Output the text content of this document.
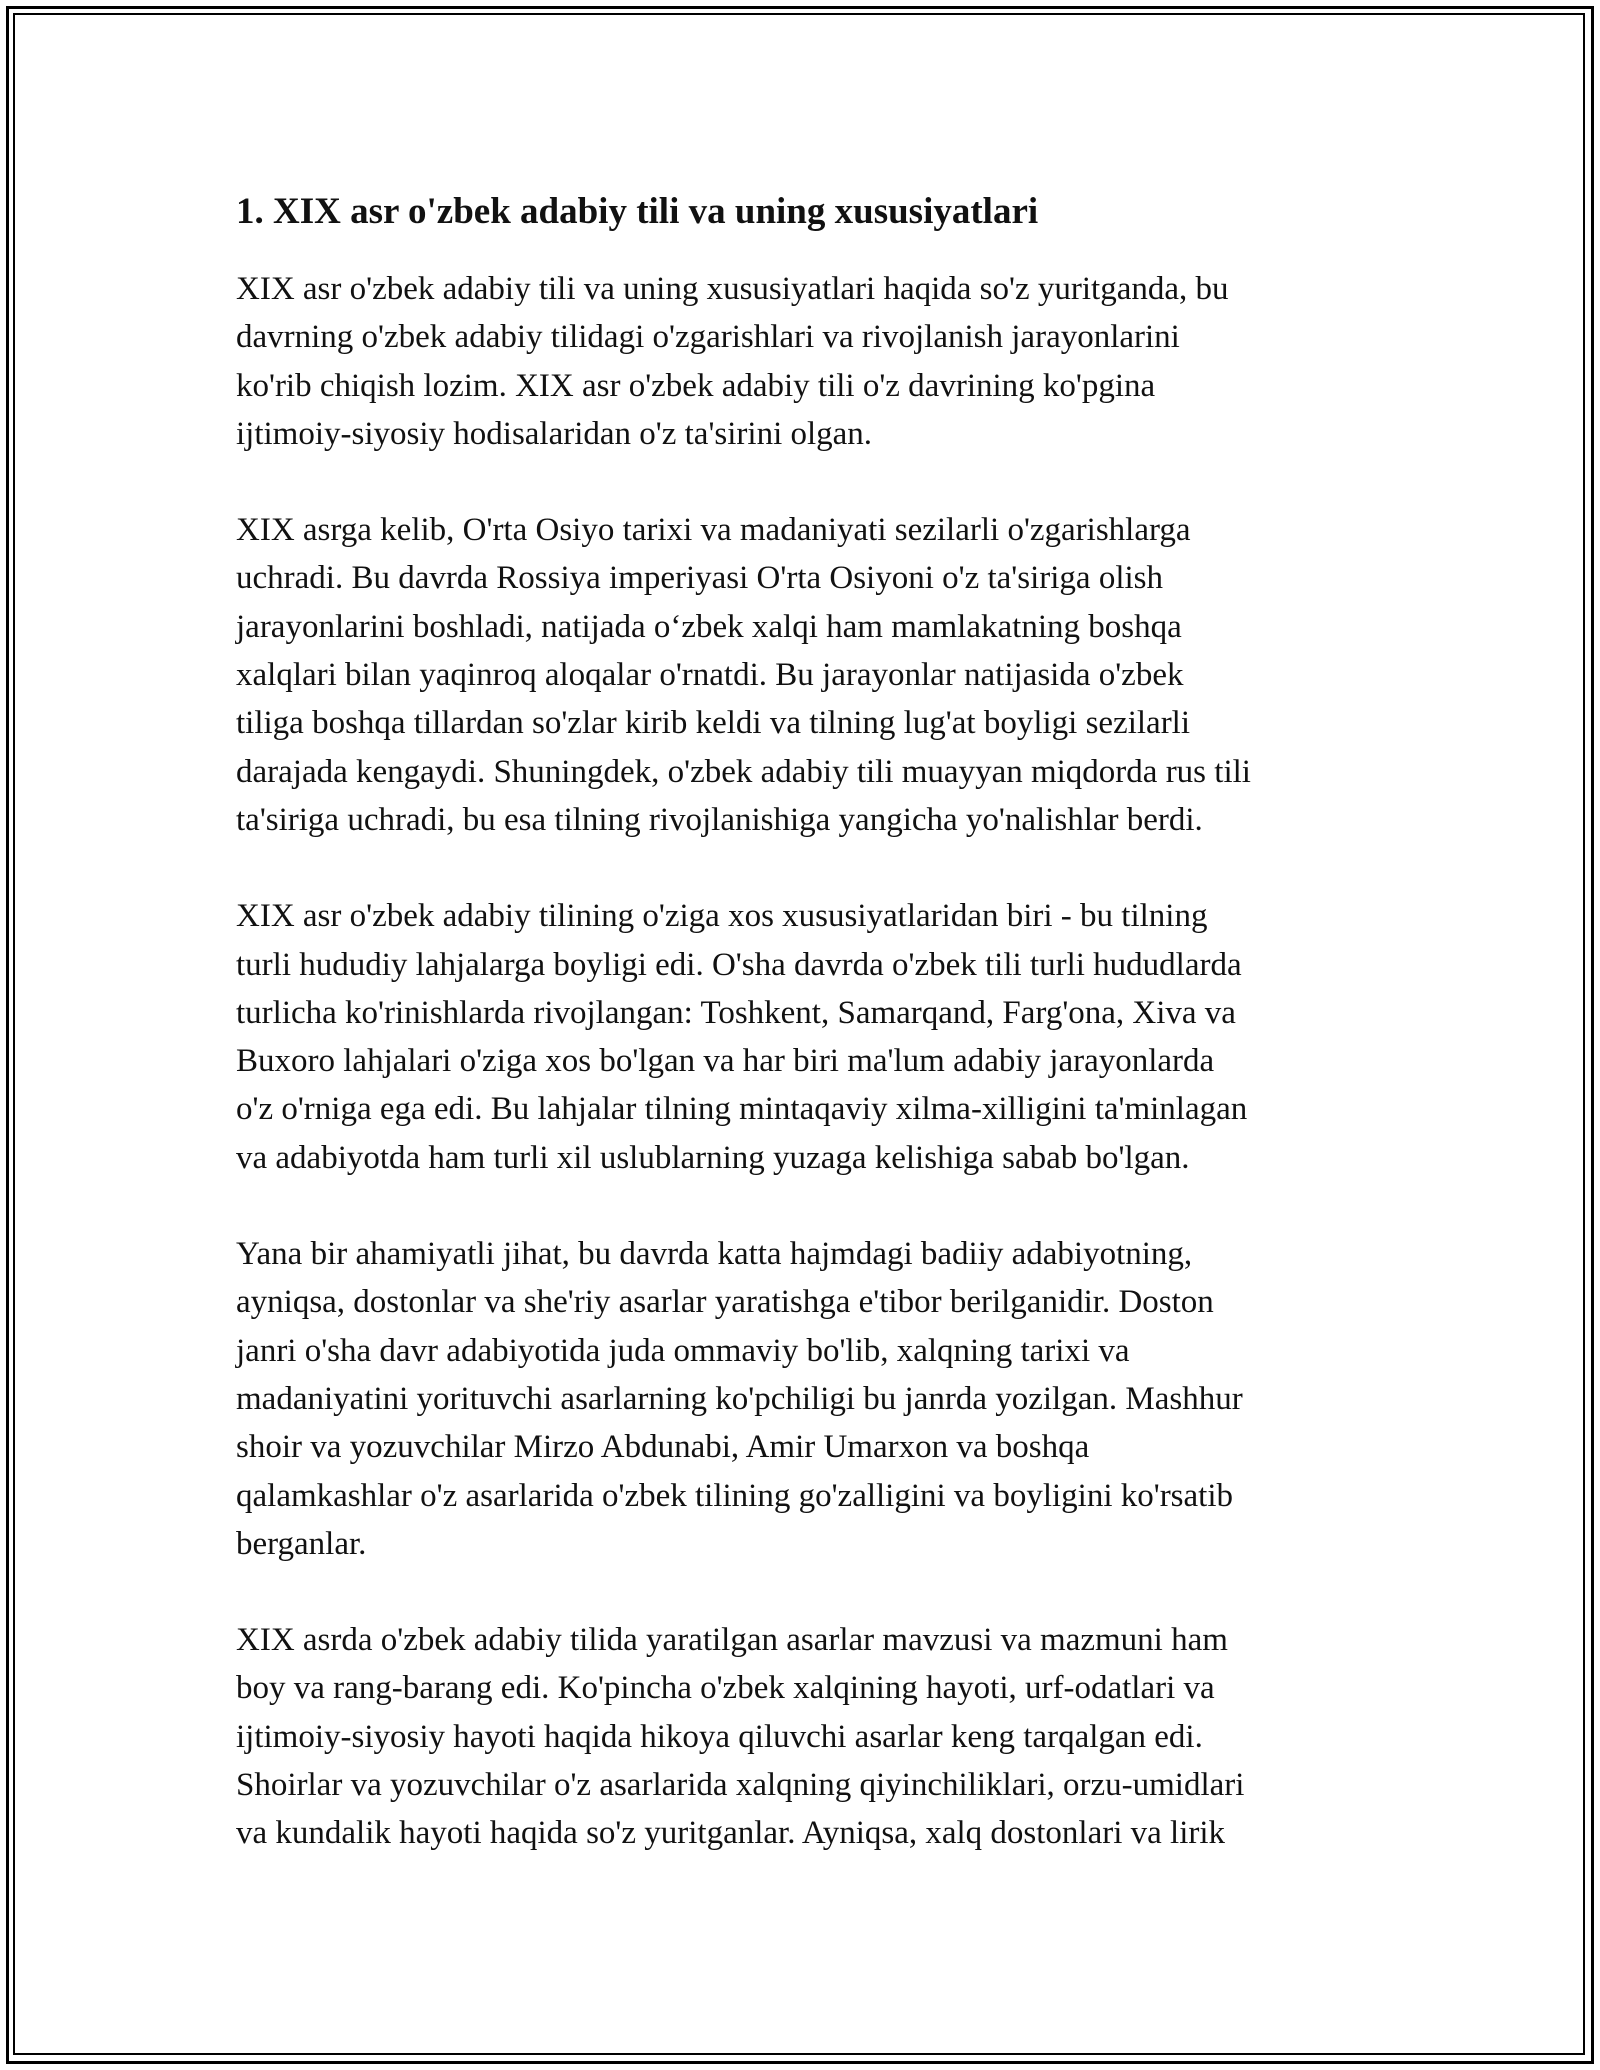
1. XIX asr o'zbek adabiy tili va uning xususiyatlari

XIX asr o'zbek adabiy tili va uning xususiyatlari haqida so'z yuritganda, bu
davrning o'zbek adabiy tilidagi o'zgarishlari va rivojlanish jarayonlarini
ko'rib chiqish lozim. XIX asr o'zbek adabiy tili o'z davrining ko'pgina
ijtimoiy-siyosiy hodisalaridan o'z ta'sirini olgan.

XIX asrga kelib, O'rta Osiyo tarixi va madaniyati sezilarli o'zgarishlarga
uchradi. Bu davrda Rossiya imperiyasi O'rta Osiyoni o'z ta'siriga olish
jarayonlarini boshladi, natijada o‘zbek xalqi ham mamlakatning boshqa
xalqlari bilan yaqinroq aloqalar o'rnatdi. Bu jarayonlar natijasida o'zbek
tiliga boshqa tillardan so'zlar kirib keldi va tilning lug'at boyligi sezilarli
darajada kengaydi. Shuningdek, o'zbek adabiy tili muayyan miqdorda rus tili
ta'siriga uchradi, bu esa tilning rivojlanishiga yangicha yo'nalishlar berdi.

XIX asr o'zbek adabiy tilining o'ziga xos xususiyatlaridan biri - bu tilning
turli hududiy lahjalarga boyligi edi. O'sha davrda o'zbek tili turli hududlarda
turlicha ko'rinishlarda rivojlangan: Toshkent, Samarqand, Farg'ona, Xiva va
Buxoro lahjalari o'ziga xos bo'lgan va har biri ma'lum adabiy jarayonlarda
o'z o'rniga ega edi. Bu lahjalar tilning mintaqaviy xilma-xilligini ta'minlagan
va adabiyotda ham turli xil uslublarning yuzaga kelishiga sabab bo'lgan.

Yana bir ahamiyatli jihat, bu davrda katta hajmdagi badiiy adabiyotning,
ayniqsa, dostonlar va she'riy asarlar yaratishga e'tibor berilganidir. Doston
janri o'sha davr adabiyotida juda ommaviy bo'lib, xalqning tarixi va
madaniyatini yorituvchi asarlarning ko'pchiligi bu janrda yozilgan. Mashhur
shoir va yozuvchilar Mirzo Abdunabi, Amir Umarxon va boshqa
qalamkashlar o'z asarlarida o'zbek tilining go'zalligini va boyligini ko'rsatib
berganlar.

XIX asrda o'zbek adabiy tilida yaratilgan asarlar mavzusi va mazmuni ham
boy va rang-barang edi. Ko'pincha o'zbek xalqining hayoti, urf-odatlari va
ijtimoiy-siyosiy hayoti haqida hikoya qiluvchi asarlar keng tarqalgan edi.
Shoirlar va yozuvchilar o'z asarlarida xalqning qiyinchiliklari, orzu-umidlari
va kundalik hayoti haqida so'z yuritganlar. Ayniqsa, xalq dostonlari va lirik
